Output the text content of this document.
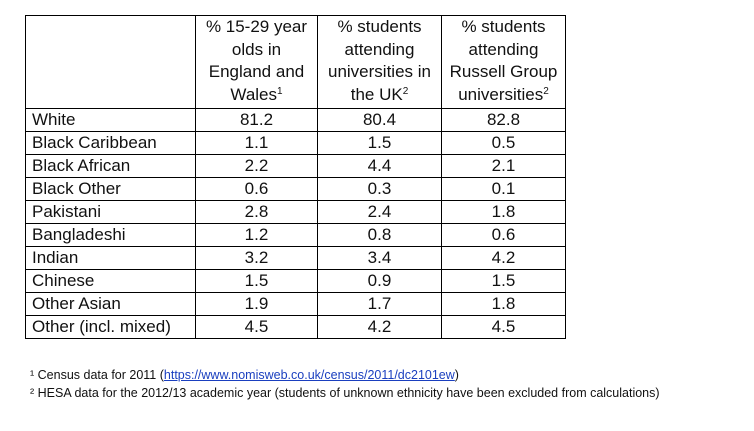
	% 15-29 year
olds in
England and
Wales$^1$	% students
attending
universities in
the $UK^2$	% students
attending
Russell Group
universities$^2$
White	81.2	80.4	82.8
Black Caribbean	1.1	1.5	0.5
Black African	2.2	4.4	2.1
Black Other	0.6	0.3	0.1
Pakistani	2.8	2.4	1.8
Bangladeshi	1.2	0.8	0.6
Indian	3.2	3.4	4.2
Chinese	1.5	0.9	1.5
Other Asian	1.9	1.7	1.8
Other (incl. mixed)	4.5	4.2	4.5
¹ Census data for 2011 (https://www.nomisweb.co.uk/census/2011/dc2101ew)
² HESA data for the 2012/13 academic year (students of unknown ethnicity have been excluded from calculations)
